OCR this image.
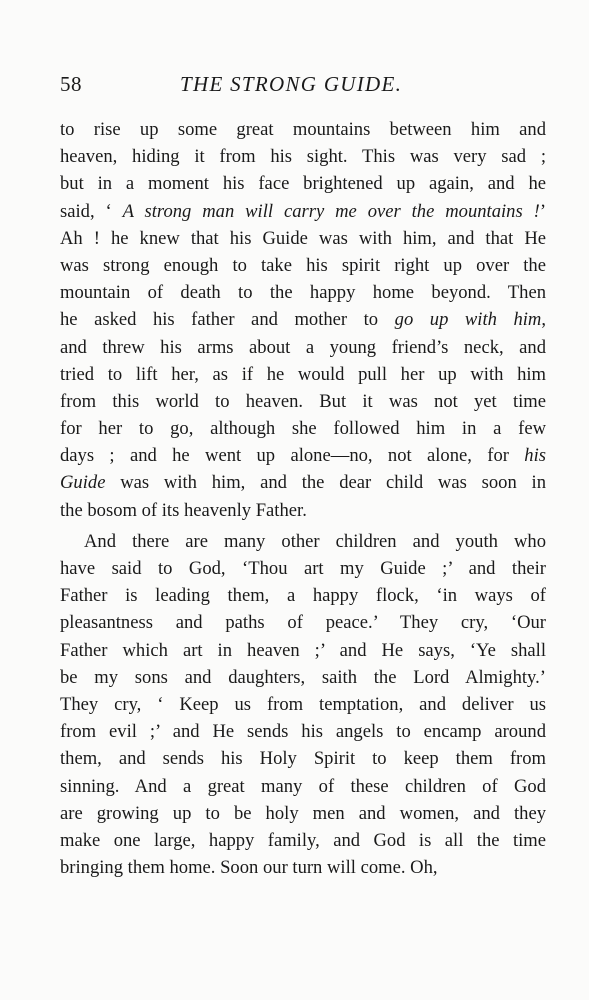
58	THE STRONG GUIDE.
to rise up some great mountains between him and
heaven, hiding it from his sight. This was very sad ;
but in a moment his face brightened up again, and he
said, ‘ A strong man will carry me over the mountains !’
Ah ! he knew that his Guide was with him, and that He
was strong enough to take his spirit right up over the
mountain of death to the happy home beyond. Then
he asked his father and mother to go up with him,
and threw his arms about a young friend’s neck, and
tried to lift her, as if he would pull her up with him
from this world to heaven. But it was not yet time
for her to go, although she followed him in a few
days ; and he went up alone—no, not alone, for his
Guide was with him, and the dear child was soon in
the bosom of its heavenly Father.
And there are many other children and youth who
have said to God, ‘Thou art my Guide ;’ and their
Father is leading them, a happy flock, ‘in ways of
pleasantness and paths of peace.’ They cry, ‘Our
Father which art in heaven ;’ and He says, ‘Ye shall
be my sons and daughters, saith the Lord Almighty.’
They cry, ‘ Keep us from temptation, and deliver us
from evil ;’ and He sends his angels to encamp around
them, and sends his Holy Spirit to keep them from
sinning. And a great many of these children of God
are growing up to be holy men and women, and they
make one large, happy family, and God is all the time
bringing them home. Soon our turn will come. Oh,
